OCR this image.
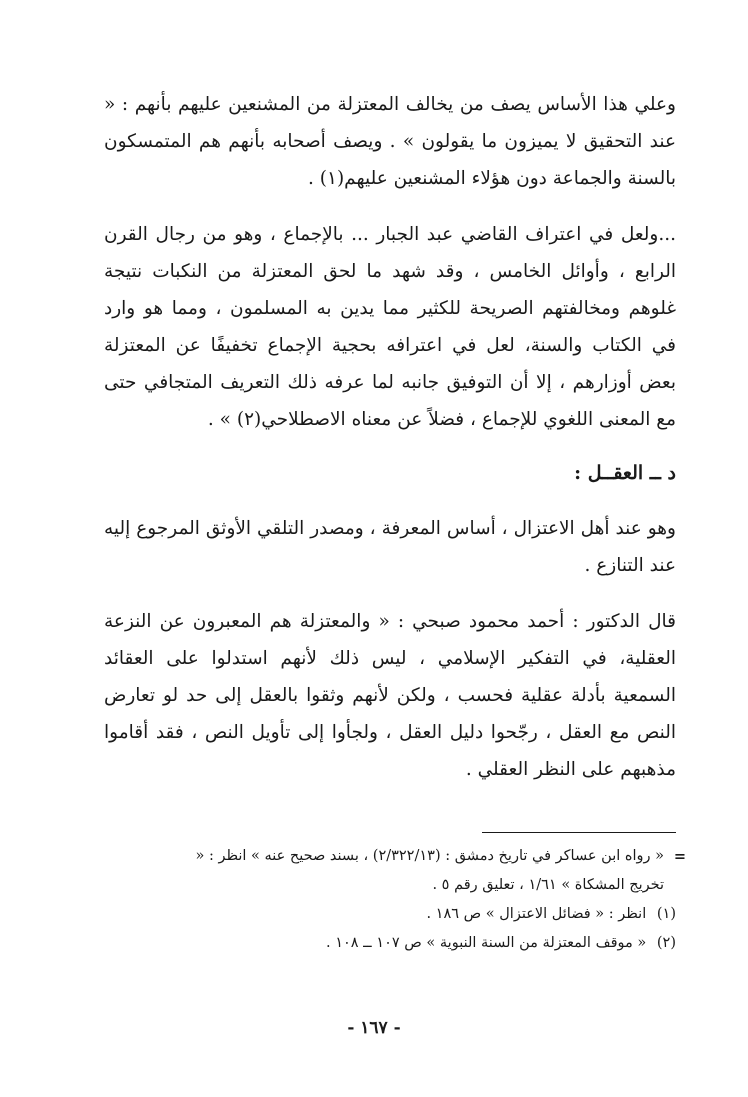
وعلي هذا الأساس يصف من يخالف المعتزلة من المشنعين عليهم بأنهم : « عند التحقيق لا يميزون ما يقولون » . ويصف أصحابه بأنهم هم المتمسكون بالسنة والجماعة دون هؤلاء المشنعين عليهم(١) .

...ولعل في اعتراف القاضي عبد الجبار ... بالإجماع ، وهو من رجال القرن الرابع ، وأوائل الخامس ، وقد شهد ما لحق المعتزلة من النكبات نتيجة غلوهم ومخالفتهم الصريحة للكثير مما يدين به المسلمون ، ومما هو وارد في الكتاب والسنة، لعل في اعترافه بحجية الإجماع تخفيفًا عن المعتزلة بعض أوزارهم ، إلا أن التوفيق جانبه لما عرفه ذلك التعريف المتجافي حتى مع المعنى اللغوي للإجماع ، فضلاً عن معناه الاصطلاحي(٢) » .

د ــ العقــل :

وهو عند أهل الاعتزال ، أساس المعرفة ، ومصدر التلقي الأوثق المرجوع إليه عند التنازع .

قال الدكتور : أحمد محمود صبحي : « والمعتزلة هم المعبرون عن النزعة العقلية، في التفكير الإسلامي ، ليس ذلك لأنهم استدلوا على العقائد السمعية بأدلة عقلية فحسب ، ولكن لأنهم وثقوا بالعقل إلى حد لو تعارض النص مع العقل ، رجّحوا دليل العقل ، ولجأوا إلى تأويل النص ، فقد أقاموا مذهبهم على النظر العقلي .

=
« رواه ابن عساكر في تاريخ دمشق : (٢/٣٢٢/١٣) ، بسند صحيح عنه » انظر : «
تخريج المشكاة » ١/٦١ ، تعليق رقم ٥ .
(١) انظر : « فضائل الاعتزال » ص ١٨٦ .
(٢) « موقف المعتزلة من السنة النبوية » ص ١٠٧ ــ ١٠٨ .
- ١٦٧ -
